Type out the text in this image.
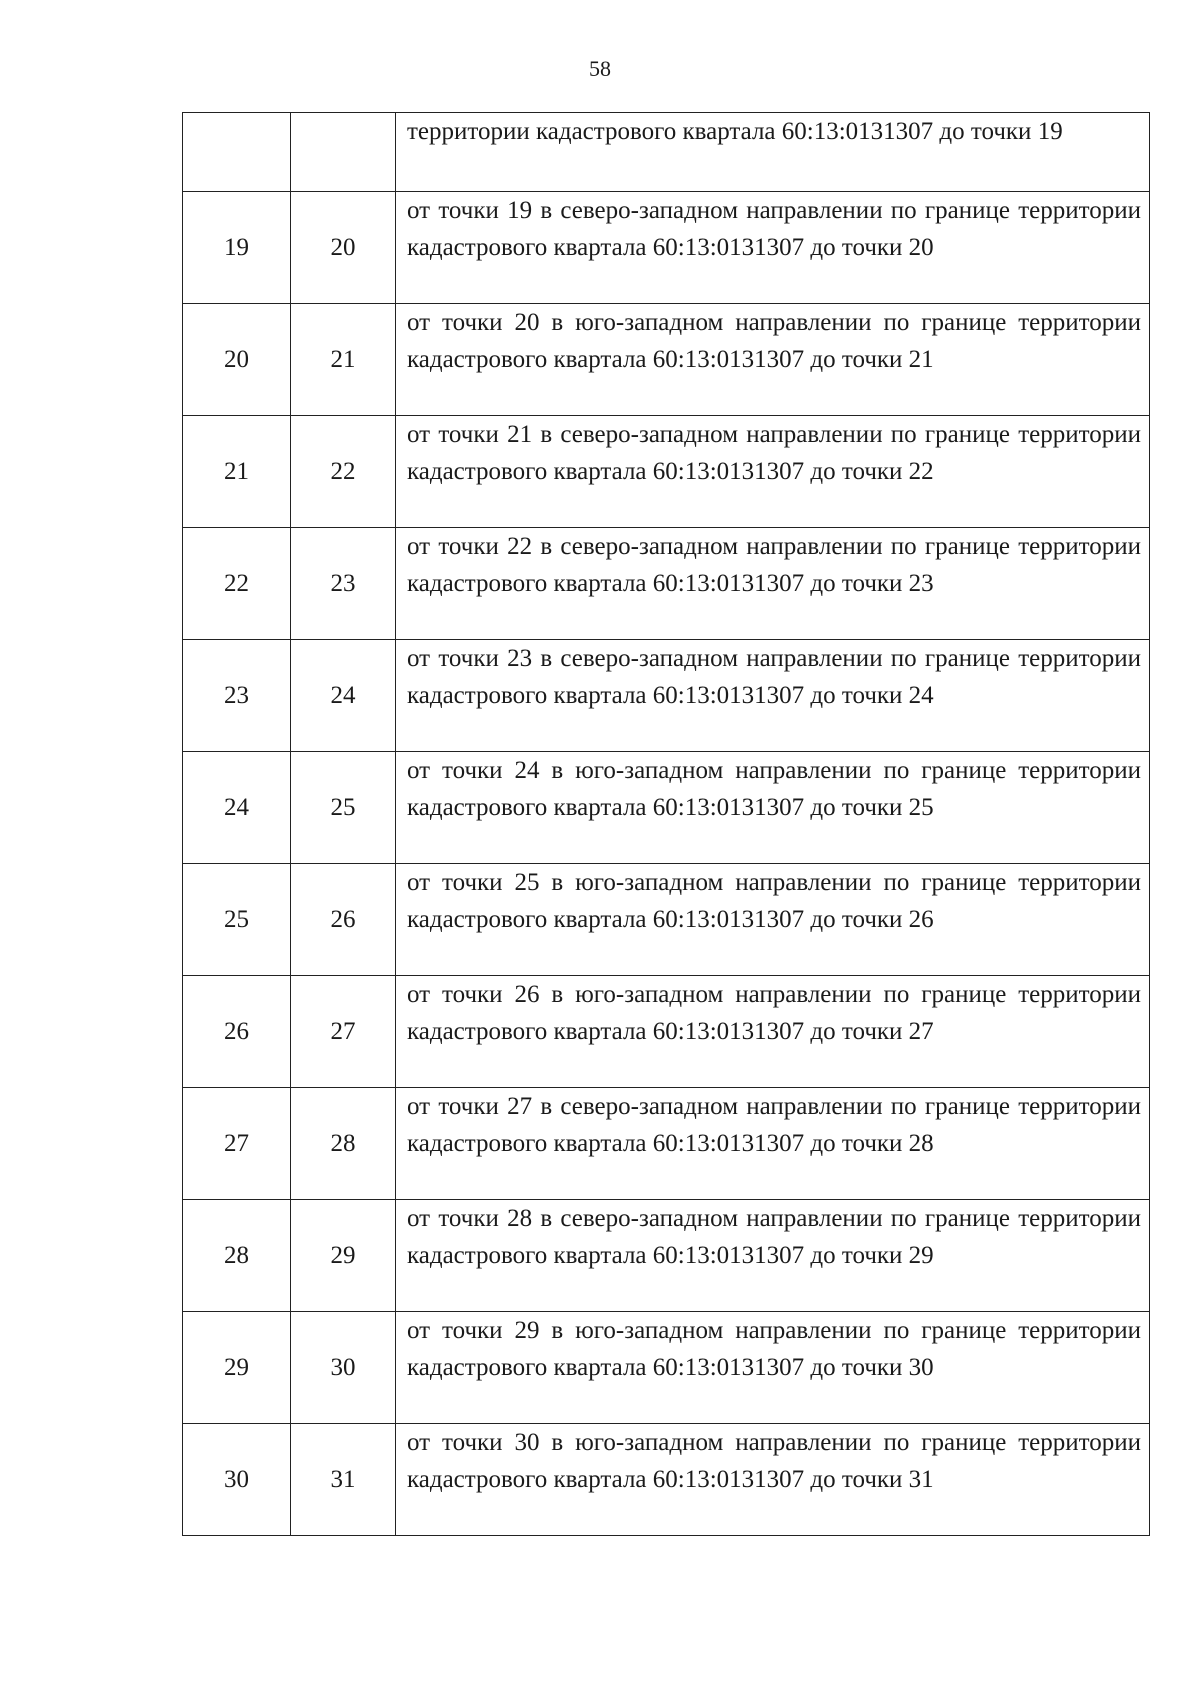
58
		территории кадастрового квартала 60:13:0131307 до точки 19
19	20	от точки 19 в северо-западном направлении по границе территории кадастрового квартала 60:13:0131307 до точки 20
20	21	от точки 20 в юго-западном направлении по границе территории кадастрового квартала 60:13:0131307 до точки 21
21	22	от точки 21 в северо-западном направлении по границе территории кадастрового квартала 60:13:0131307 до точки 22
22	23	от точки 22 в северо-западном направлении по границе территории кадастрового квартала 60:13:0131307 до точки 23
23	24	от точки 23 в северо-западном направлении по границе территории кадастрового квартала 60:13:0131307 до точки 24
24	25	от точки 24 в юго-западном направлении по границе территории кадастрового квартала 60:13:0131307 до точки 25
25	26	от точки 25 в юго-западном направлении по границе территории кадастрового квартала 60:13:0131307 до точки 26
26	27	от точки 26 в юго-западном направлении по границе территории кадастрового квартала 60:13:0131307 до точки 27
27	28	от точки 27 в северо-западном направлении по границе территории кадастрового квартала 60:13:0131307 до точки 28
28	29	от точки 28 в северо-западном направлении по границе территории кадастрового квартала 60:13:0131307 до точки 29
29	30	от точки 29 в юго-западном направлении по границе территории кадастрового квартала 60:13:0131307 до точки 30
30	31	от точки 30 в юго-западном направлении по границе территории кадастрового квартала 60:13:0131307 до точки 31
